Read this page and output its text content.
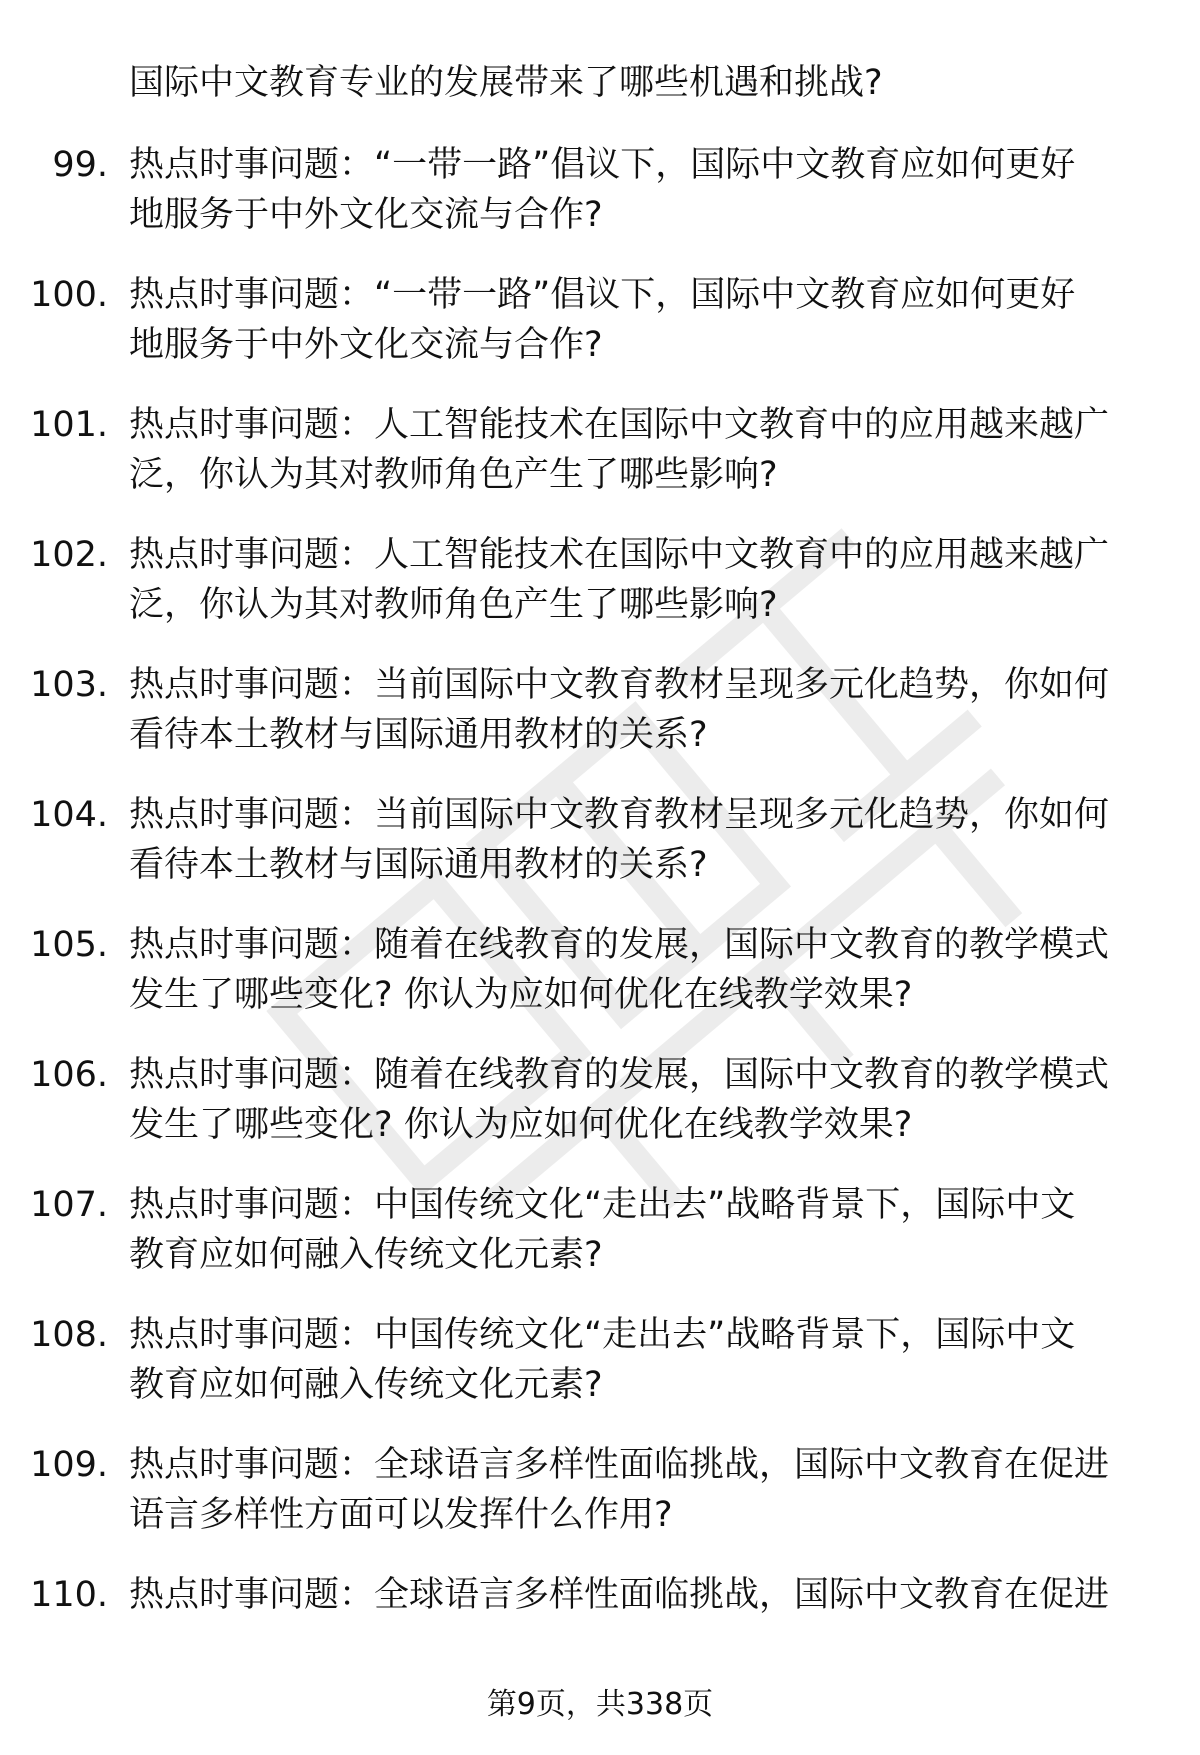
国际中文教育专业的发展带来了哪些机遇和挑战?
99. 热点时事问题：“一带一路”倡议下，国际中文教育应如何更好
地服务于中外文化交流与合作?
100. 热点时事问题：“一带一路”倡议下，国际中文教育应如何更好
地服务于中外文化交流与合作?
101. 热点时事问题：人工智能技术在国际中文教育中的应用越来越广
泛，你认为其对教师角色产生了哪些影响?
102. 热点时事问题：人工智能技术在国际中文教育中的应用越来越广
泛，你认为其对教师角色产生了哪些影响?
103. 热点时事问题：当前国际中文教育教材呈现多元化趋势，你如何
看待本土教材与国际通用教材的关系?
104. 热点时事问题：当前国际中文教育教材呈现多元化趋势，你如何
看待本土教材与国际通用教材的关系?
105. 热点时事问题：随着在线教育的发展，国际中文教育的教学模式
发生了哪些变化? 你认为应如何优化在线教学效果?
106. 热点时事问题：随着在线教育的发展，国际中文教育的教学模式
发生了哪些变化? 你认为应如何优化在线教学效果?
107. 热点时事问题：中国传统文化“走出去”战略背景下，国际中文
教育应如何融入传统文化元素?
108. 热点时事问题：中国传统文化“走出去”战略背景下，国际中文
教育应如何融入传统文化元素?
109. 热点时事问题：全球语言多样性面临挑战，国际中文教育在促进
语言多样性方面可以发挥什么作用?
110. 热点时事问题：全球语言多样性面临挑战，国际中文教育在促进
第9页，共338页
